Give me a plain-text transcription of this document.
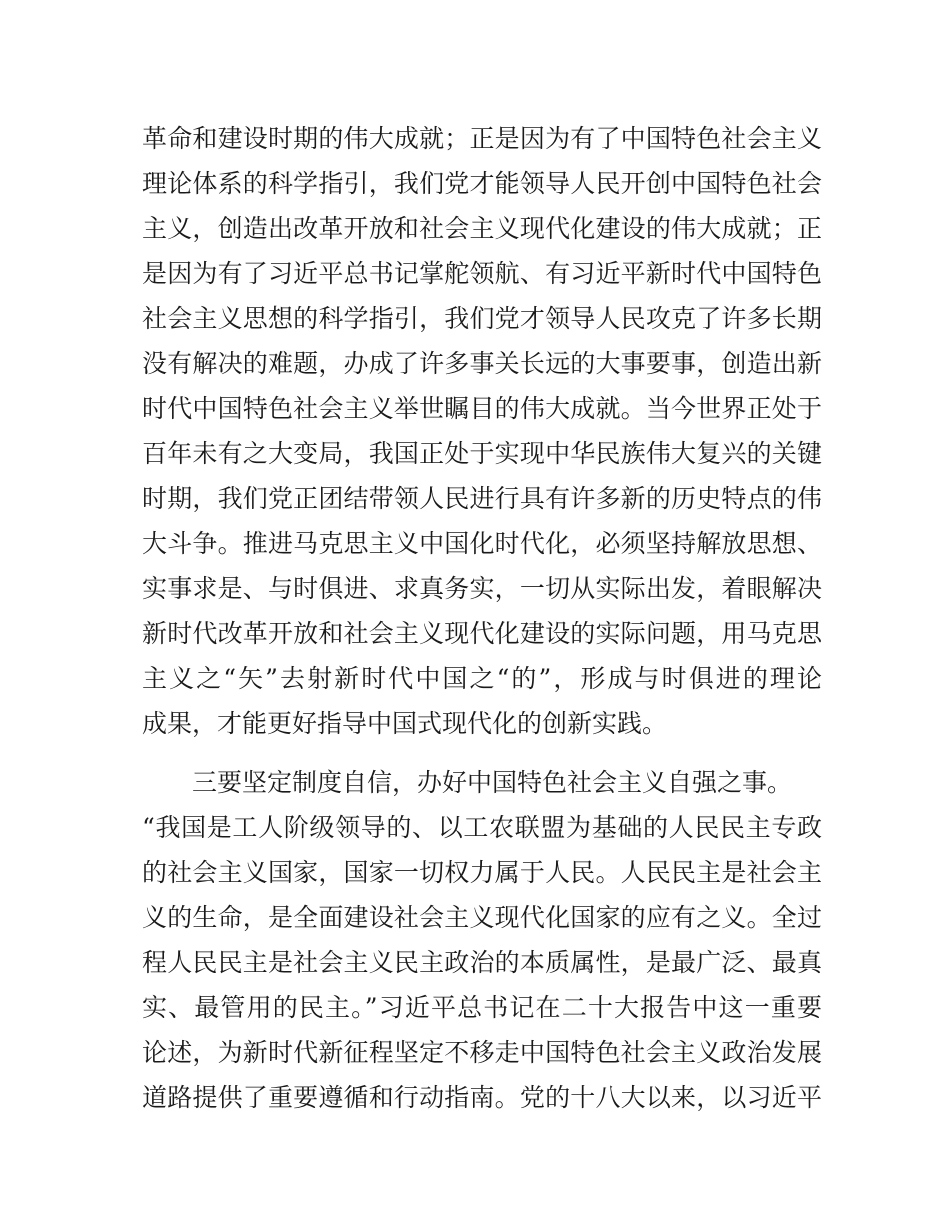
革命和建设时期的伟大成就；正是因为有了中国特色社会主义
理论体系的科学指引，我们党才能领导人民开创中国特色社会
主义，创造出改革开放和社会主义现代化建设的伟大成就；正
是因为有了习近平总书记掌舵领航、有习近平新时代中国特色
社会主义思想的科学指引，我们党才领导人民攻克了许多长期
没有解决的难题，办成了许多事关长远的大事要事，创造出新
时代中国特色社会主义举世瞩目的伟大成就。当今世界正处于
百年未有之大变局，我国正处于实现中华民族伟大复兴的关键
时期，我们党正团结带领人民进行具有许多新的历史特点的伟
大斗争。推进马克思主义中国化时代化，必须坚持解放思想、
实事求是、与时俱进、求真务实，一切从实际出发，着眼解决
新时代改革开放和社会主义现代化建设的实际问题，用马克思
主义之“矢”去射新时代中国之“的”，形成与时俱进的理论
成果，才能更好指导中国式现代化的创新实践。
三要坚定制度自信，办好中国特色社会主义自强之事。
“我国是工人阶级领导的、以工农联盟为基础的人民民主专政
的社会主义国家，国家一切权力属于人民。人民民主是社会主
义的生命，是全面建设社会主义现代化国家的应有之义。全过
程人民民主是社会主义民主政治的本质属性，是最广泛、最真
实、最管用的民主。”习近平总书记在二十大报告中这一重要
论述，为新时代新征程坚定不移走中国特色社会主义政治发展
道路提供了重要遵循和行动指南。党的十八大以来，以习近平
